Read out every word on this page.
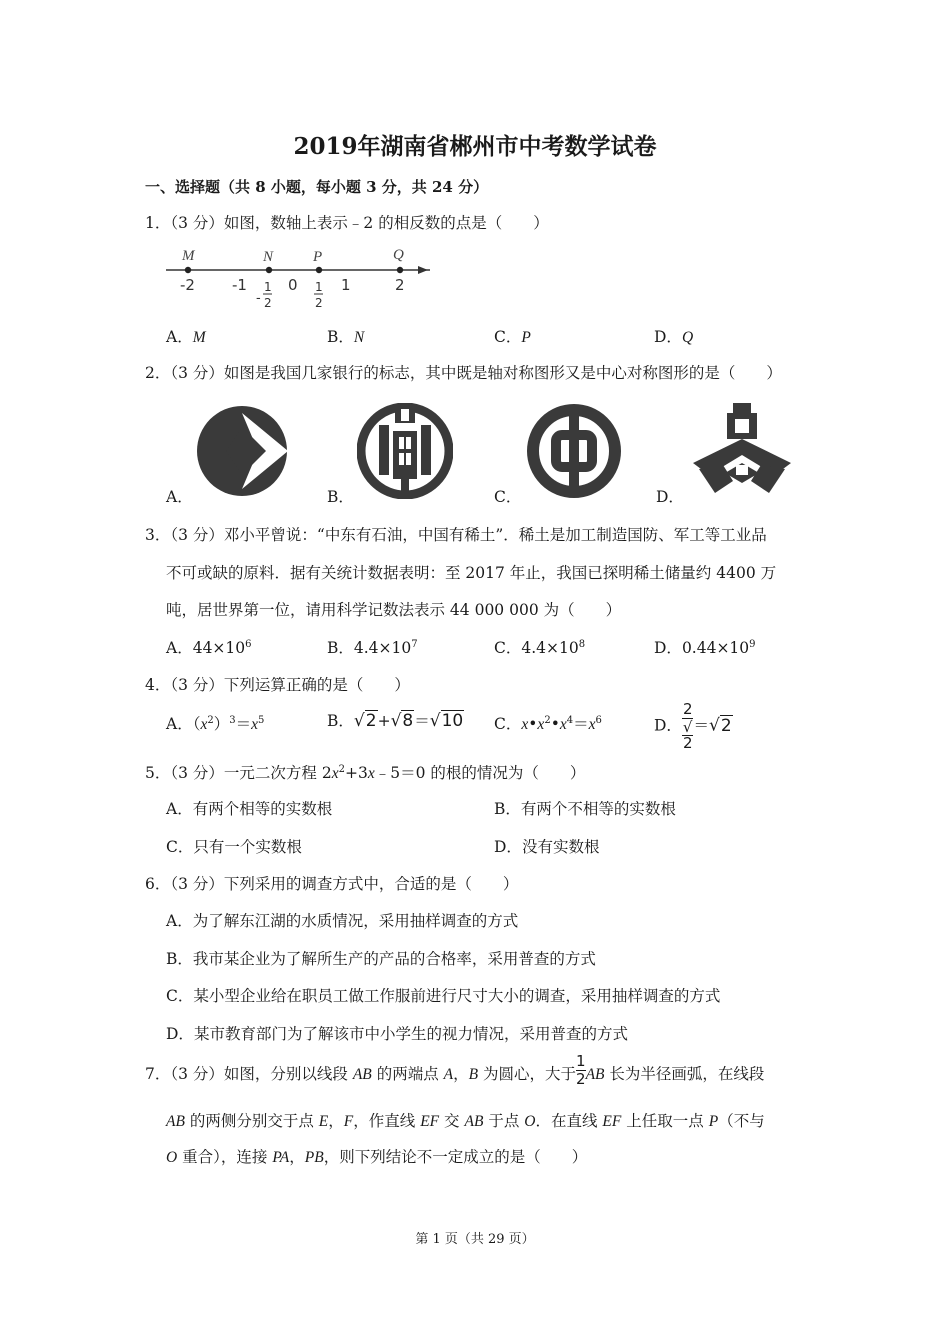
2019年湖南省郴州市中考数学试卷
一、选择题（共 8 小题，每小题 3 分，共 24 分）
1．（3 分）如图，数轴上表示﹣2 的相反数的点是（　　）
M	N	P	Q
-2 -1	0	1	2
-
1
2
1
2
A．M	B．N	C．P	D．Q
2．（3 分）如图是我国几家银行的标志，其中既是轴对称图形又是中心对称图形的是（　　）
A．	B．	C．	D．
3．（3 分）邓小平曾说：“中东有石油，中国有稀土”．稀土是加工制造国防、军工等工业品
不可或缺的原料．据有关统计数据表明：至 2017 年止，我国已探明稀土储量约 4400 万
吨，居世界第一位，请用科学记数法表示 44 000 000 为（　　）
A．$44\times 10^6$	B．$4.4\times 10^7$	C．$4.4\times 10^8$	D．$0.44\times 10^9$
4．（3 分）下列运算正确的是（　　）
A．$(x^2)^3=x^5$	B．√2+√8＝√10 C．$x•x^2•x^4=x^6$	D． 2
√
2 ＝√2
5．（3 分）一元二次方程 $2x^2+3x﹣5=0$ 的根的情况为（　　）
A．有两个相等的实数根	B．有两个不相等的实数根
C．只有一个实数根	D．没有实数根
6．（3 分）下列采用的调查方式中，合适的是（　　）
A．为了解东江湖的水质情况，采用抽样调查的方式
B．我市某企业为了解所生产的产品的合格率，采用普查的方式
C．某小型企业给在职员工做工作服前进行尺寸大小的调查，采用抽样调查的方式
D．某市教育部门为了解该市中小学生的视力情况，采用普查的方式
7．（3 分）如图，分别以线段 AB 的两端点 A，B 为圆心，大于 $\frac{1}{2}$ AB 长为半径画弧，在线段
AB 的两侧分别交于点 E，F，作直线 EF 交 AB 于点 O．在直线 EF 上任取一点 P（不与
O 重合），连接 PA，PB，则下列结论不一定成立的是（　　）
第 1 页（共 29 页）
